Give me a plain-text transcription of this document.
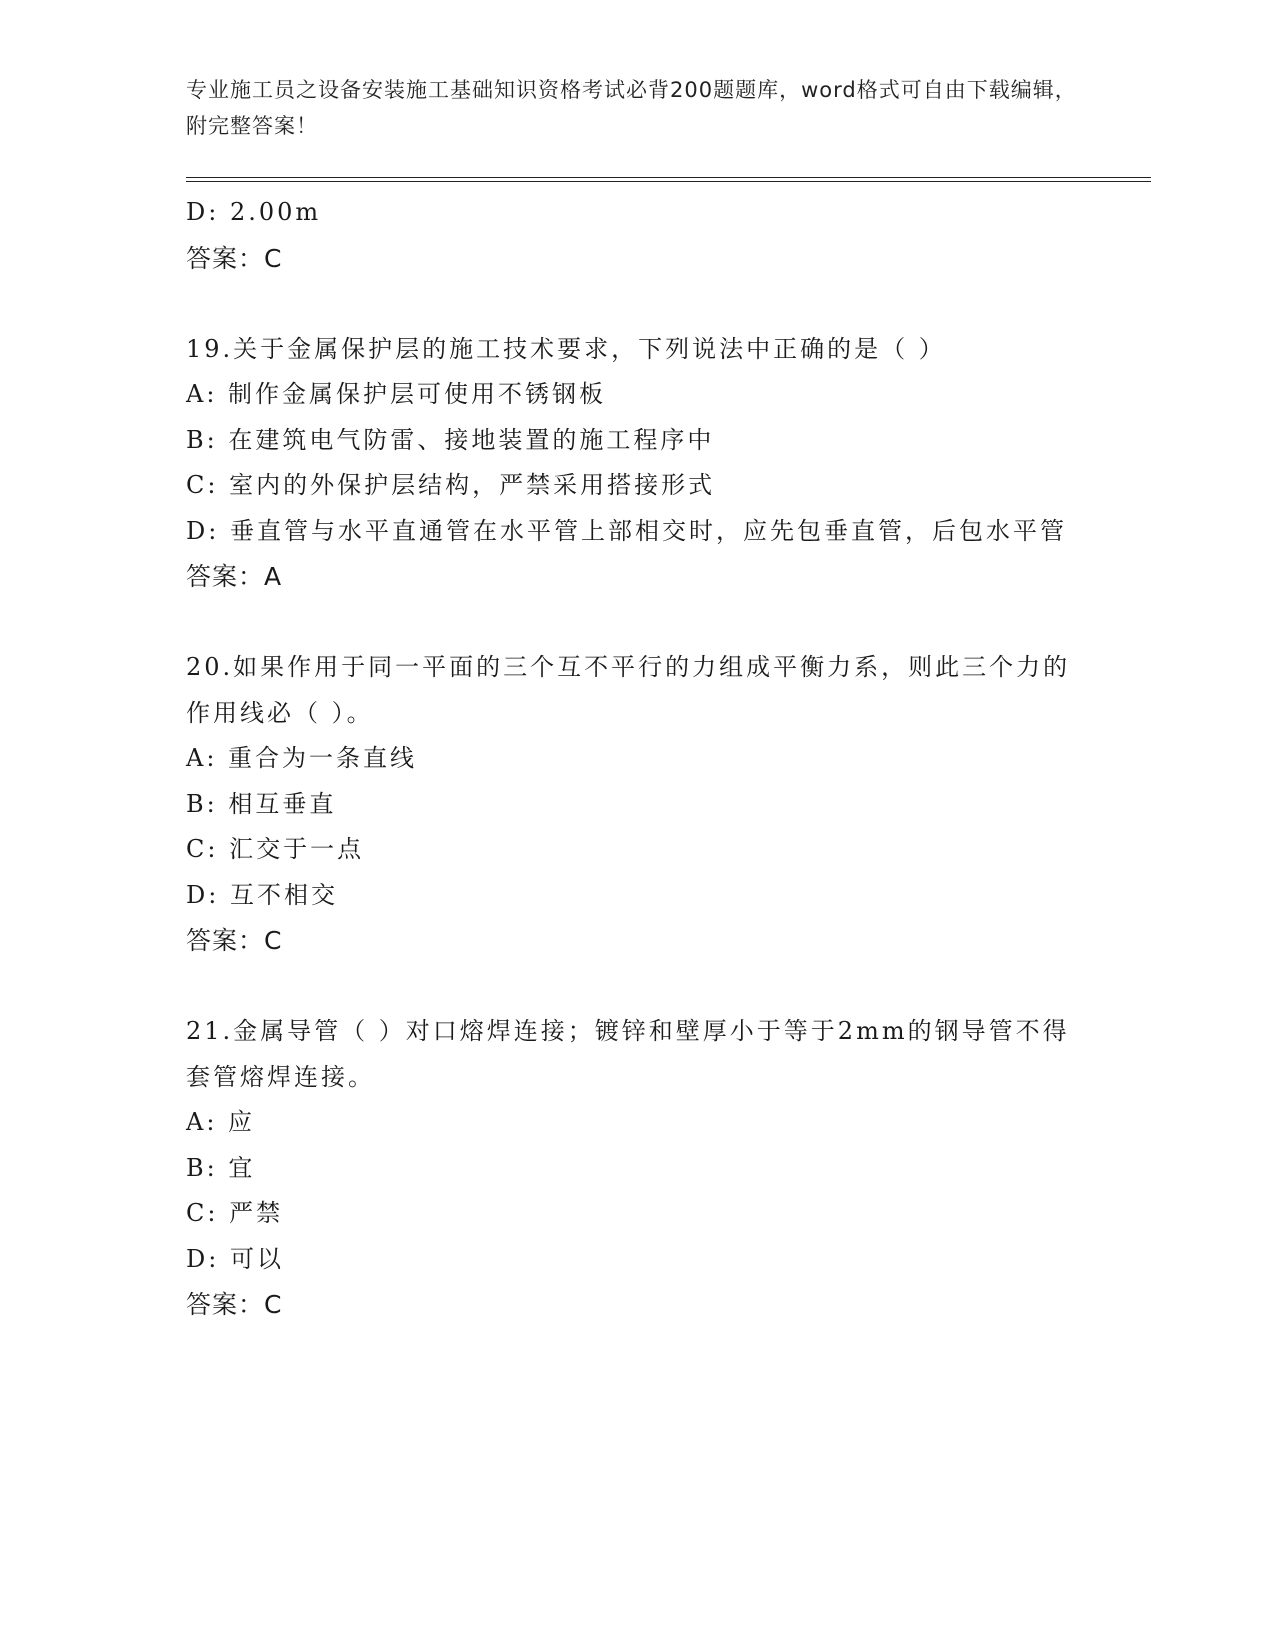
专业施工员之设备安装施工基础知识资格考试必背200题题库，word格式可自由下载编辑，附完整答案！
D: 2.00m
答案：C
19.关于金属保护层的施工技术要求，下列说法中正确的是（ ）
A: 制作金属保护层可使用不锈钢板
B: 在建筑电气防雷、接地装置的施工程序中
C: 室内的外保护层结构，严禁采用搭接形式
D: 垂直管与水平直通管在水平管上部相交时，应先包垂直管，后包水平管
答案：A
20.如果作用于同一平面的三个互不平行的力组成平衡力系，则此三个力的作用线必（ ）。
A: 重合为一条直线
B: 相互垂直
C: 汇交于一点
D: 互不相交
答案：C
21.金属导管（ ）对口熔焊连接；镀锌和壁厚小于等于2mm的钢导管不得套管熔焊连接。
A: 应
B: 宜
C: 严禁
D: 可以
答案：C
